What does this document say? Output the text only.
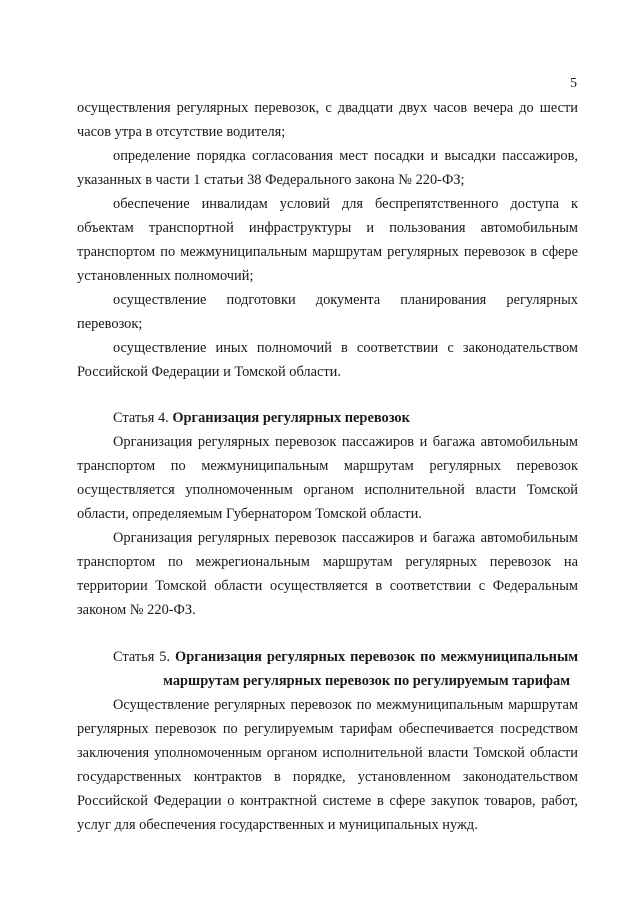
5

осуществления регулярных перевозок, с двадцати двух часов вечера до шести часов утра в отсутствие водителя;

определение порядка согласования мест посадки и высадки пассажиров, указанных в части 1 статьи 38 Федерального закона № 220-ФЗ;

обеспечение инвалидам условий для беспрепятственного доступа к объектам транспортной инфраструктуры и пользования автомобильным транспортом по межмуниципальным маршрутам регулярных перевозок в сфере установленных полномочий;

осуществление подготовки документа планирования регулярных перевозок;

осуществление иных полномочий в соответствии с законодательством Российской Федерации и Томской области.

Статья 4. Организация регулярных перевозок

Организация регулярных перевозок пассажиров и багажа автомобильным транспортом по межмуниципальным маршрутам регулярных перевозок осуществляется уполномоченным органом исполнительной власти Томской области, определяемым Губернатором Томской области.

Организация регулярных перевозок пассажиров и багажа автомобильным транспортом по межрегиональным маршрутам регулярных перевозок на территории Томской области осуществляется в соответствии с Федеральным законом № 220-ФЗ.

Статья 5. Организация регулярных перевозок по межмуниципальным
маршрутам регулярных перевозок по регулируемым тарифам

Осуществление регулярных перевозок по межмуниципальным маршрутам регулярных перевозок по регулируемым тарифам обеспечивается посредством заключения уполномоченным органом исполнительной власти Томской области государственных контрактов в порядке, установленном законодательством Российской Федерации о контрактной системе в сфере закупок товаров, работ, услуг для обеспечения государственных и муниципальных нужд.
